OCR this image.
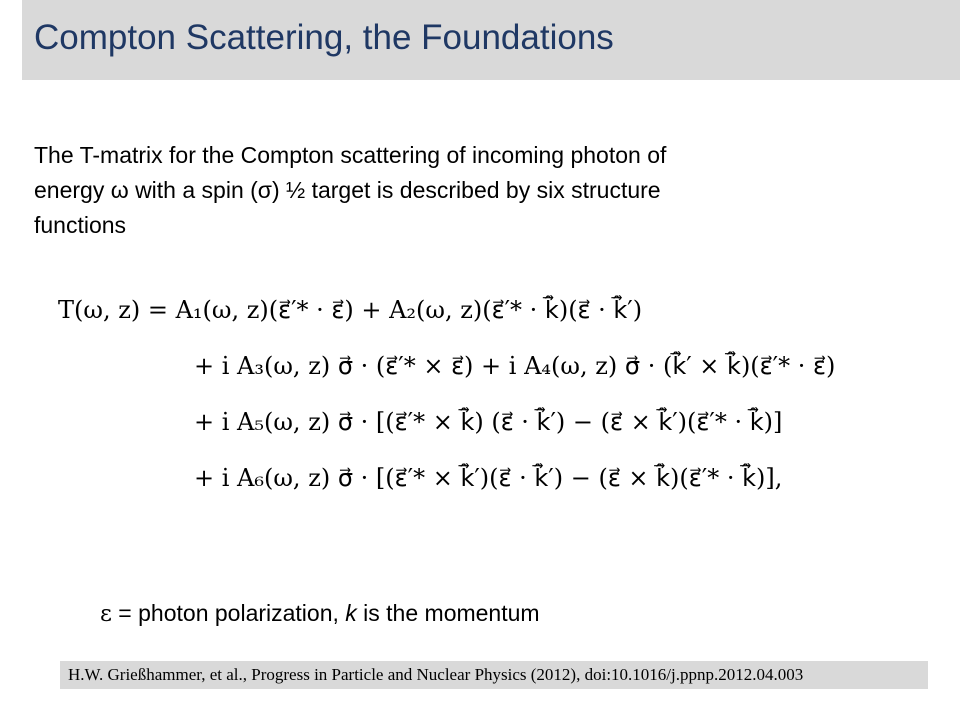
Compton Scattering, the Foundations
The T-matrix for the Compton scattering of incoming photon of
energy ω with a spin (σ) ½ target is described by six structure
functions
T(ω, z) = A₁(ω, z)(ε⃗′* · ε⃗) + A₂(ω, z)(ε⃗′* · k̂⃗)(ε⃗ · k̂⃗′)
+ i A₃(ω, z) σ⃗ · (ε⃗′* × ε⃗) + i A₄(ω, z) σ⃗ · (k̂⃗′ × k̂⃗)(ε⃗′* · ε⃗)
+ i A₅(ω, z) σ⃗ · [(ε⃗′* × k̂⃗) (ε⃗ · k̂⃗′) − (ε⃗ × k̂⃗′)(ε⃗′* · k̂⃗)]
+ i A₆(ω, z) σ⃗ · [(ε⃗′* × k̂⃗′)(ε⃗ · k̂⃗′) − (ε⃗ × k̂⃗)(ε⃗′* · k̂⃗)],
ε = photon polarization, k is the momentum
H.W. Grießhammer, et al., Progress in Particle and Nuclear Physics (2012), doi:10.1016/j.ppnp.2012.04.003
